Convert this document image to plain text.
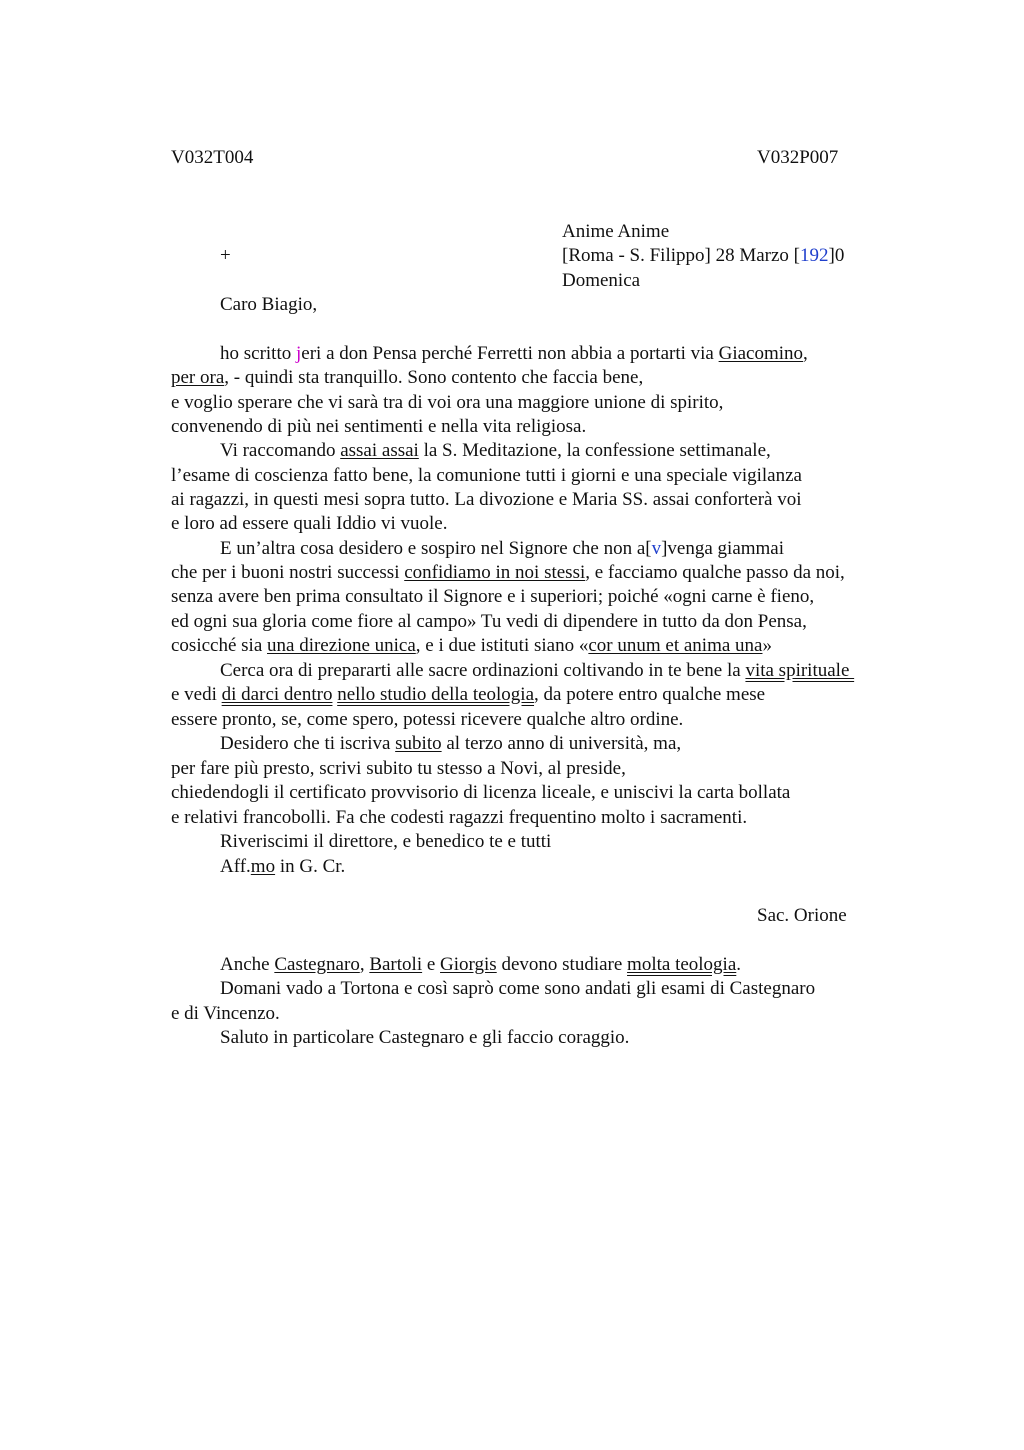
V032T004	V032P007
+
Anime Anime
[Roma - S. Filippo] 28 Marzo [192]0
Domenica
Caro Biagio,
ho scritto jeri a don Pensa perché Ferretti non abbia a portarti via Giacomino,
per ora, - quindi sta tranquillo. Sono contento che faccia bene,
e voglio sperare che vi sarà tra di voi ora una maggiore unione di spirito,
convenendo di più nei sentimenti e nella vita religiosa.
Vi raccomando assai assai la S. Meditazione, la confessione settimanale,
l’esame di coscienza fatto bene, la comunione tutti i giorni e una speciale vigilanza
ai ragazzi, in questi mesi sopra tutto. La divozione e Maria SS. assai conforterà voi
e loro ad essere quali Iddio vi vuole.
E un’altra cosa desidero e sospiro nel Signore che non a[v]venga giammai
che per i buoni nostri successi confidiamo in noi stessi, e facciamo qualche passo da noi,
senza avere ben prima consultato il Signore e i superiori; poiché «ogni carne è fieno,
ed ogni sua gloria come fiore al campo» Tu vedi di dipendere in tutto da don Pensa,
cosicché sia una direzione unica, e i due istituti siano «cor unum et anima una»
Cerca ora di prepararti alle sacre ordinazioni coltivando in te bene la vita spirituale
e vedi di darci dentro nello studio della teologia, da potere entro qualche mese
essere pronto, se, come spero, potessi ricevere qualche altro ordine.
Desidero che ti iscriva subito al terzo anno di università, ma,
per fare più presto, scrivi subito tu stesso a Novi, al preside,
chiedendogli il certificato provvisorio di licenza liceale, e uniscivi la carta bollata
e relativi francobolli. Fa che codesti ragazzi frequentino molto i sacramenti.
Riveriscimi il direttore, e benedico te e tutti
Aff.mo in G. Cr.
Sac. Orione
Anche Castegnaro, Bartoli e Giorgis devono studiare molta teologia.
Domani vado a Tortona e così saprò come sono andati gli esami di Castegnaro
e di Vincenzo.
Saluto in particolare Castegnaro e gli faccio coraggio.
